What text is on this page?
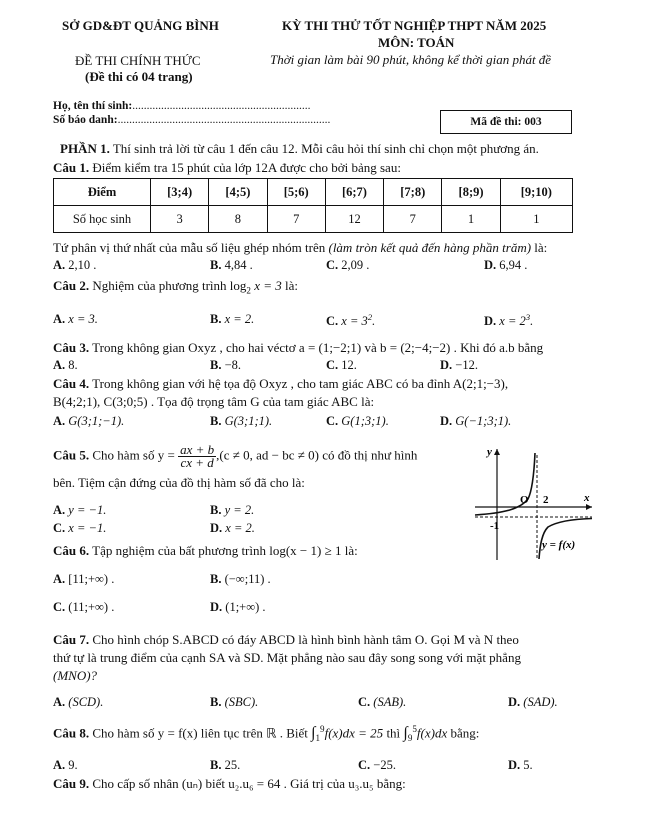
SỞ GD&ĐT QUẢNG BÌNH	KỲ THI THỬ TỐT NGHIỆP THPT NĂM 2025
MÔN: TOÁN
ĐỀ THI CHÍNH THỨC	Thời gian làm bài 90 phút, không kể thời gian phát đề
(Đề thi có 04 trang)
Họ, tên thí sinh:..............................................................
Số báo danh:..........................................................................	Mã đề thi: 003
PHẦN 1. Thí sinh trả lời từ câu 1 đến câu 12. Mỗi câu hỏi thí sinh chỉ chọn một phương án.
Câu 1. Điểm kiểm tra 15 phút của lớp 12A được cho bởi bảng sau:
Điểm	[3;4)	[4;5)	[5;6)	[6;7)	[7;8)	[8;9)	[9;10)
Số học sinh	3	8	7	12	7	1	1
Tứ phân vị thứ nhất của mẫu số liệu ghép nhóm trên (làm tròn kết quả đến hàng phần trăm) là:
A. 2,10 .	B. 4,84 .	C. 2,09 .	D. 6,94 .
Câu 2. Nghiệm của phương trình $\log_2 x = 3$ là:
A. x = 3.	B. x = 2.	C. $x = 3^2$.	D. $x = 2^3$.
Câu 3. Trong không gian Oxyz , cho hai véctơ a = (1;−2;1) và b = (2;−4;−2) . Khi đó a.b bằng
A. 8.	B. −8.	C. 12.	D. −12.
Câu 4. Trong không gian với hệ tọa độ Oxyz , cho tam giác ABC có ba đỉnh A(2;1;−3),
B(4;2;1), C(3;0;5) . Tọa độ trọng tâm G của tam giác ABC là:
A. G(3;1;−1).	B. G(3;1;1).	C. G(1;3;1).	D. G(−1;3;1).
Câu 5. Cho hàm số $y = \frac{ax + b}{cx + d} ,(c \ne 0$, ad − bc ≠ 0) có đồ thị như hình
bên. Tiệm cận đứng của đồ thị hàm số đã cho là:
A. y = −1.	B. y = 2.
C. x = −1.	D. x = 2.
y
x
O 2
-1
y = f(x)
Câu 6. Tập nghiệm của bất phương trình log(x − 1) ≥ 1 là:
A. [11;+∞) .	B. (−∞;11) .
C. (11;+∞) .	D. (1;+∞) .
Câu 7. Cho hình chóp S.ABCD có đáy ABCD là hình bình hành tâm O. Gọi M và N theo
thứ tự là trung điểm của cạnh SA và SD. Mặt phẳng nào sau đây song song với mặt phẳng
(MNO)?
A. (SCD).	B. (SBC).	C. (SAB).	D. (SAD).
Câu 8. Cho hàm số y = f(x) liên tục trên ℝ . Biết $\int_1^9f(x)dx = 25$ thì $\int_9^5f(x)dx$ bằng:
A. 9.	B. 25.	C. −25.	D. 5.
Câu 9. Cho cấp số nhân (uₙ) biết u₂.u₆ = 64 . Giá trị của u₃.u₅ bằng:
